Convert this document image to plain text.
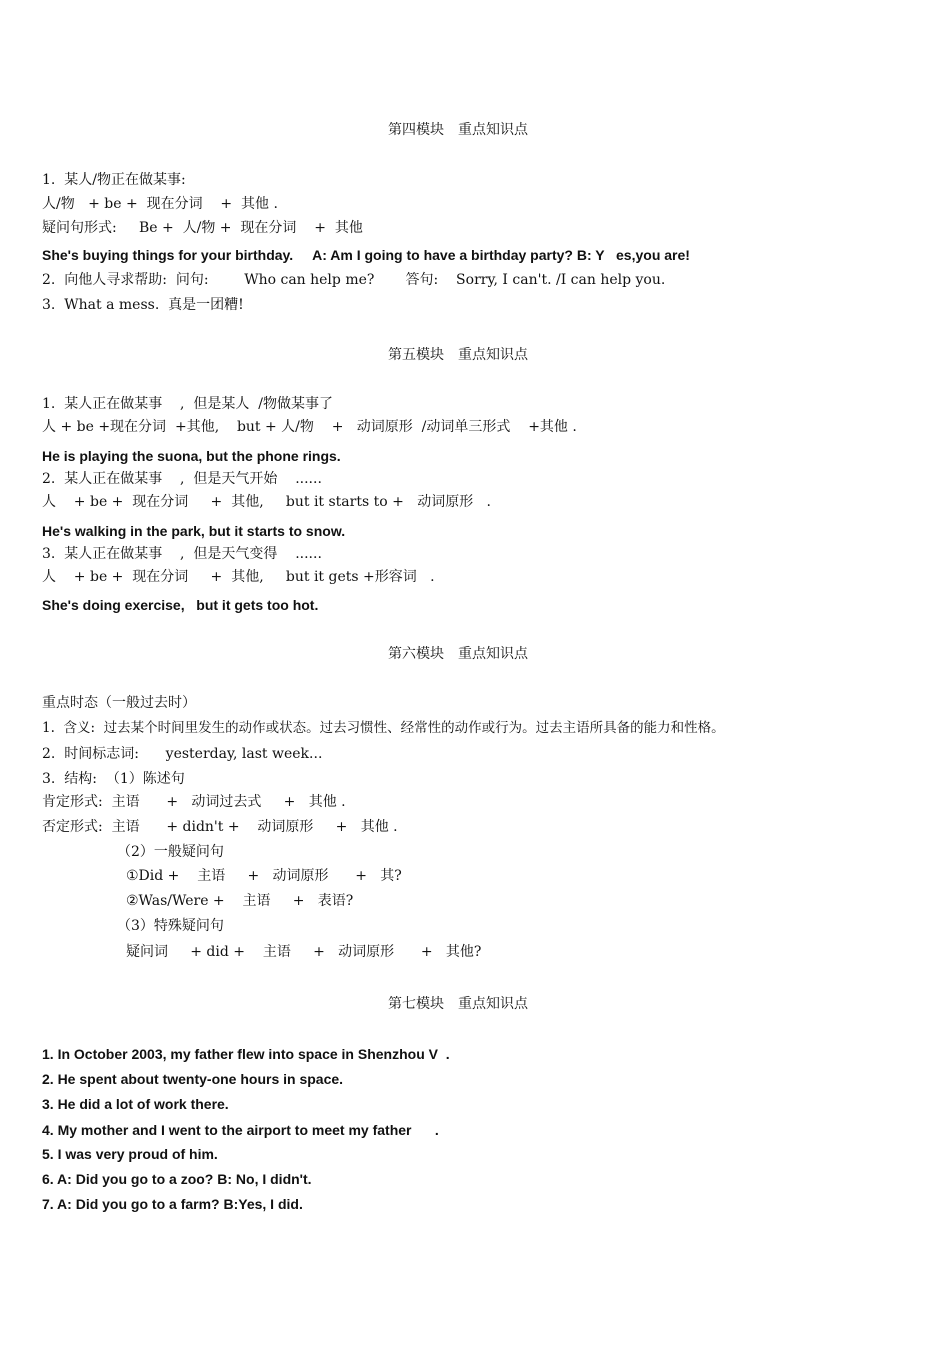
第四模块　重点知识点
1.  某人/物正在做某事:
人/物   + be +  现在分词    +  其他 .
疑问句形式:     Be +  人/物 +  现在分词    +  其他
She's buying things for your birthday.     A: Am I going to have a birthday party? B: Y   es,you are!
2.  向他人寻求帮助:  问句:        Who can help me?       答句:    Sorry, I can't. /I can help you.
3.  What a mess.  真是一团糟!
第五模块　重点知识点
1.  某人正在做某事    ,  但是某人  /物做某事了
人 + be +现在分词  +其他,    but + 人/物    +   动词原形  /动词单三形式    +其他 .
He is playing the suona, but the phone rings.
2.  某人正在做某事    ,  但是天气开始    ......
人    + be +  现在分词     +  其他,     but it starts to +   动词原形   .
He's walking in the park, but it starts to snow.
3.  某人正在做某事    ,  但是天气变得    ......
人    + be +  现在分词     +  其他,     but it gets +形容词   .
She's doing exercise,   but it gets too hot.
第六模块　重点知识点
重点时态（一般过去时）
1.  含义:  过去某个时间里发生的动作或状态。过去习惯性、经常性的动作或行为。过去主语所具备的能力和性格。
2.  时间标志词:      yesterday, last week...
3.  结构:  （1）陈述句
肯定形式:  主语      +   动词过去式     +   其他 .
否定形式:  主语      + didn't +    动词原形     +   其他 .
（2）一般疑问句
①Did +    主语     +   动词原形      +   其?
②Was/Were +    主语     +   表语?
（3）特殊疑问句
疑问词     + did +    主语     +   动词原形      +   其他?
第七模块　重点知识点
1. In October 2003, my father flew into space in Shenzhou V  .
2. He spent about twenty-one hours in space.
3. He did a lot of work there.
4. My mother and I went to the airport to meet my father      .
5. I was very proud of him.
6. A: Did you go to a zoo? B: No, I didn't.
7. A: Did you go to a farm? B:Yes, I did.
